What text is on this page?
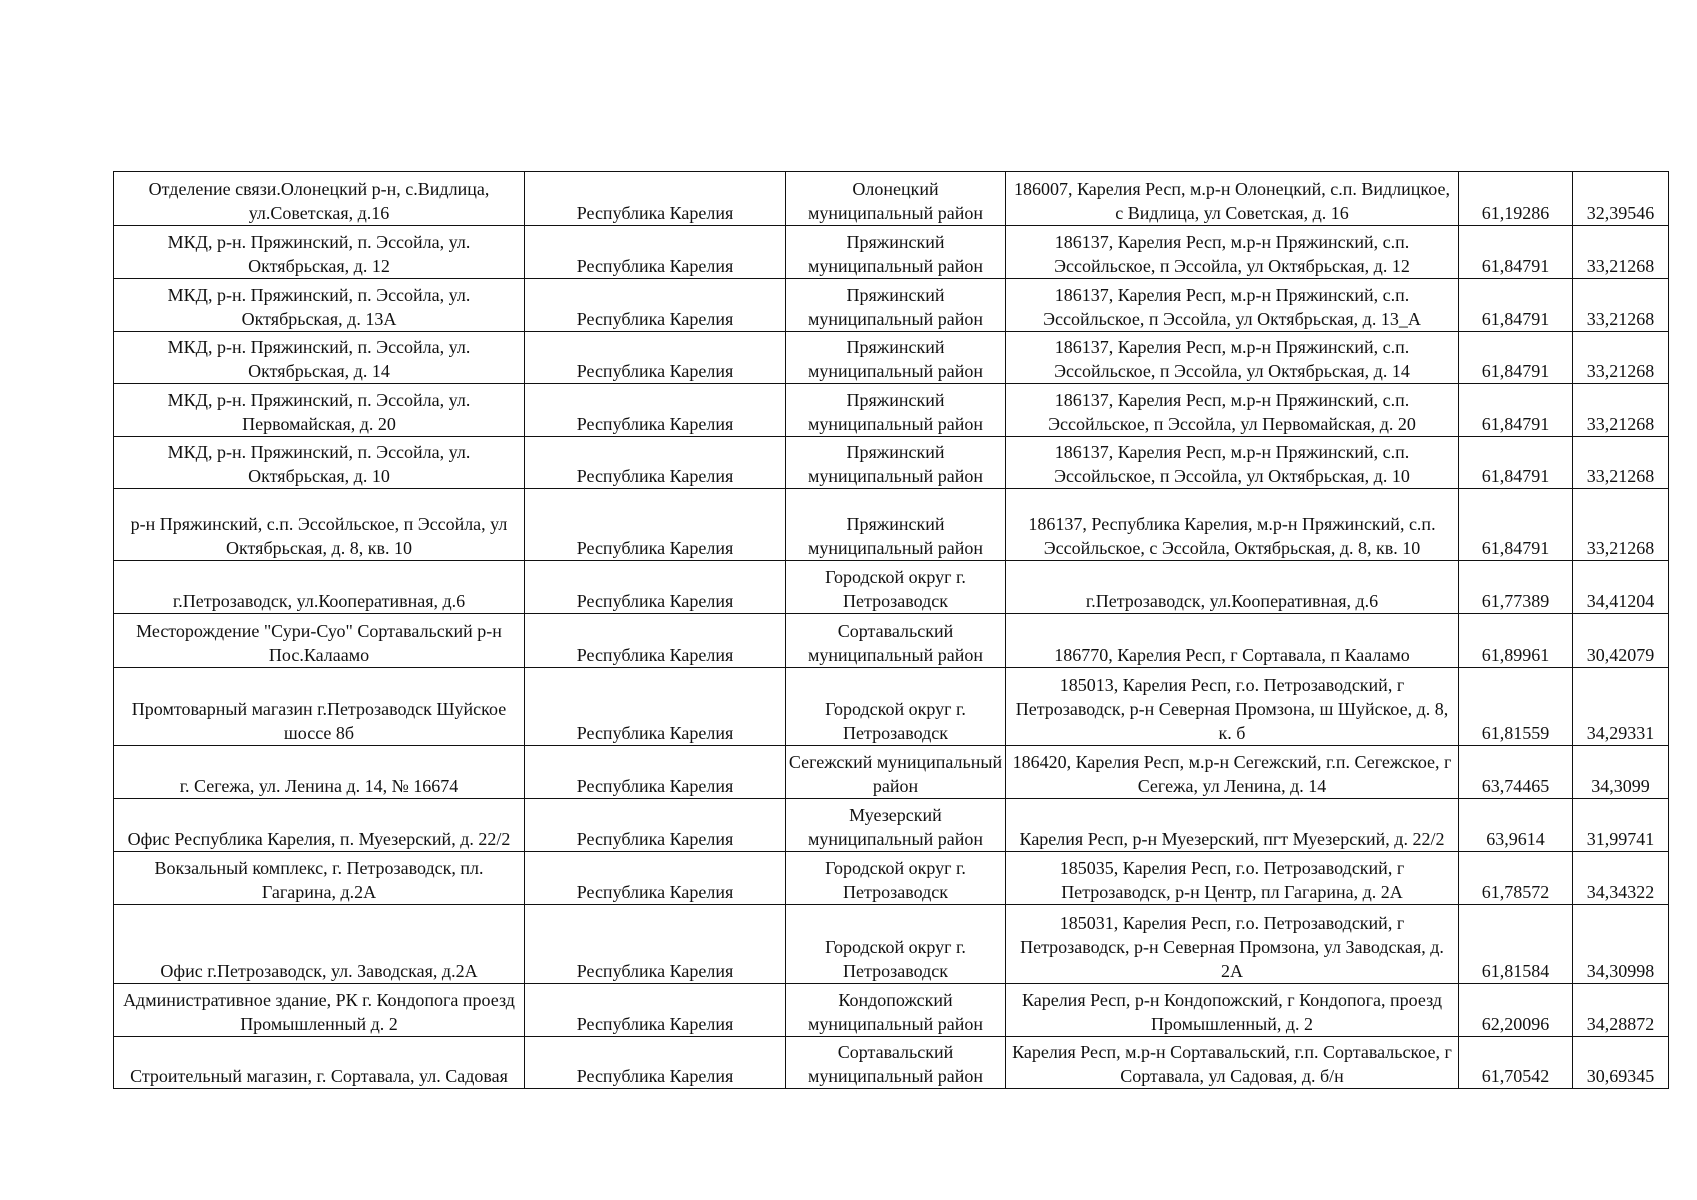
Отделение связи.Олонецкий р-н, с.Видлица, ул.Советская, д.16	Республика Карелия	Олонецкий муниципальный район	186007, Карелия Респ, м.р-н Олонецкий, с.п. Видлицкое, с Видлица, ул Советская, д. 16	61,19286	32,39546
МКД, р-н. Пряжинский, п. Эссойла, ул. Октябрьская, д. 12	Республика Карелия	Пряжинский муниципальный район	186137, Карелия Респ, м.р-н Пряжинский, с.п. Эссойльское, п Эссойла, ул Октябрьская, д. 12	61,84791	33,21268
МКД, р-н. Пряжинский, п. Эссойла, ул. Октябрьская, д. 13А	Республика Карелия	Пряжинский муниципальный район	186137, Карелия Респ, м.р-н Пряжинский, с.п. Эссойльское, п Эссойла, ул Октябрьская, д. 13_А	61,84791	33,21268
МКД, р-н. Пряжинский, п. Эссойла, ул. Октябрьская, д. 14	Республика Карелия	Пряжинский муниципальный район	186137, Карелия Респ, м.р-н Пряжинский, с.п. Эссойльское, п Эссойла, ул Октябрьская, д. 14	61,84791	33,21268
МКД, р-н. Пряжинский, п. Эссойла, ул. Первомайская, д. 20	Республика Карелия	Пряжинский муниципальный район	186137, Карелия Респ, м.р-н Пряжинский, с.п. Эссойльское, п Эссойла, ул Первомайская, д. 20	61,84791	33,21268
МКД, р-н. Пряжинский, п. Эссойла, ул. Октябрьская, д. 10	Республика Карелия	Пряжинский муниципальный район	186137, Карелия Респ, м.р-н Пряжинский, с.п. Эссойльское, п Эссойла, ул Октябрьская, д. 10	61,84791	33,21268
р-н Пряжинский, с.п. Эссойльское, п Эссойла, ул Октябрьская, д. 8, кв. 10	Республика Карелия	Пряжинский муниципальный район	186137, Республика Карелия, м.р-н Пряжинский, с.п. Эссойльское, с Эссойла, Октябрьская, д. 8, кв. 10	61,84791	33,21268
г.Петрозаводск, ул.Кооперативная, д.6	Республика Карелия	Городской округ г. Петрозаводск	г.Петрозаводск, ул.Кооперативная, д.6	61,77389	34,41204
Месторождение "Сури-Суо" Сортавальский р-н Пос.Калаамо	Республика Карелия	Сортавальский муниципальный район	186770, Карелия Респ, г Сортавала, п Кааламо	61,89961	30,42079
Промтоварный магазин г.Петрозаводск Шуйское шоссе 8б	Республика Карелия	Городской округ г. Петрозаводск	185013, Карелия Респ, г.о. Петрозаводский, г Петрозаводск, р-н Северная Промзона, ш Шуйское, д. 8, к. б	61,81559	34,29331
г. Сегежа, ул. Ленина д. 14, № 16674	Республика Карелия	Сегежский муниципальный район	186420, Карелия Респ, м.р-н Сегежский, г.п. Сегежское, г Сегежа, ул Ленина, д. 14	63,74465	34,3099
Офис Республика Карелия, п. Муезерский, д. 22/2	Республика Карелия	Муезерский муниципальный район	Карелия Респ, р-н Муезерский, пгт Муезерский, д. 22/2	63,9614	31,99741
Вокзальный комплекс, г. Петрозаводск, пл. Гагарина, д.2А	Республика Карелия	Городской округ г. Петрозаводск	185035, Карелия Респ, г.о. Петрозаводский, г Петрозаводск, р-н Центр, пл Гагарина, д. 2А	61,78572	34,34322
Офис г.Петрозаводск, ул. Заводская, д.2А	Республика Карелия	Городской округ г. Петрозаводск	185031, Карелия Респ, г.о. Петрозаводский, г Петрозаводск, р-н Северная Промзона, ул Заводская, д. 2А	61,81584	34,30998
Административное здание, РК г. Кондопога проезд Промышленный д. 2	Республика Карелия	Кондопожский муниципальный район	Карелия Респ, р-н Кондопожский, г Кондопога, проезд Промышленный, д. 2	62,20096	34,28872
Строительный магазин, г. Сортавала, ул. Садовая	Республика Карелия	Сортавальский муниципальный район	Карелия Респ, м.р-н Сортавальский, г.п. Сортавальское, г Сортавала, ул Садовая, д. б/н	61,70542	30,69345
